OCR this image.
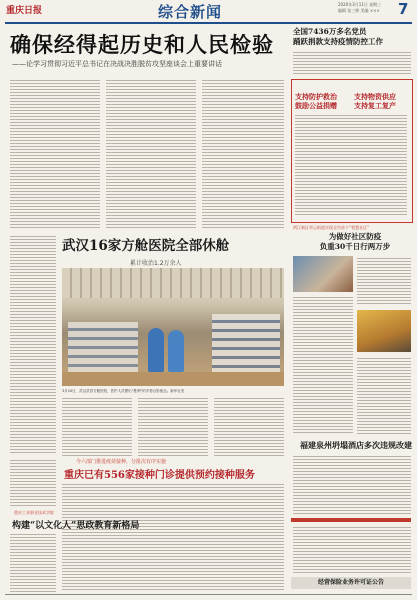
重庆日报
2020年3月11日 星期三
编辑 张三婷 美编 ×××
综合新闻	7
确保经得起历史和人民检验
——论学习贯彻习近平总书记在决战决胜脱贫攻坚座谈会上重要讲话
全国7436万多名党员
踊跃捐款支持疫情防控工作
支持防护救治
鼓励公益捐赠
支持物资供应
支持复工复产
两江新区翠云街道实现全市首个“智慧社区”
为做好社区防疫
负重30千日行两万步
福建泉州坍塌酒店多次违规改建
经营保险业务许可证公告
武汉16家方舱医院全部休舱
累计收治1.2万余人
3月10日，武汉武昌方舱医院，医护人员摆出“胜利”的手势合影留念。新华社发
今六部门推进疫苗接种，分批次有序实施
重庆已有556家接种门诊提供预约接种服务
重庆工业职业技术学院
构建“以文化人”思政教育新格局
